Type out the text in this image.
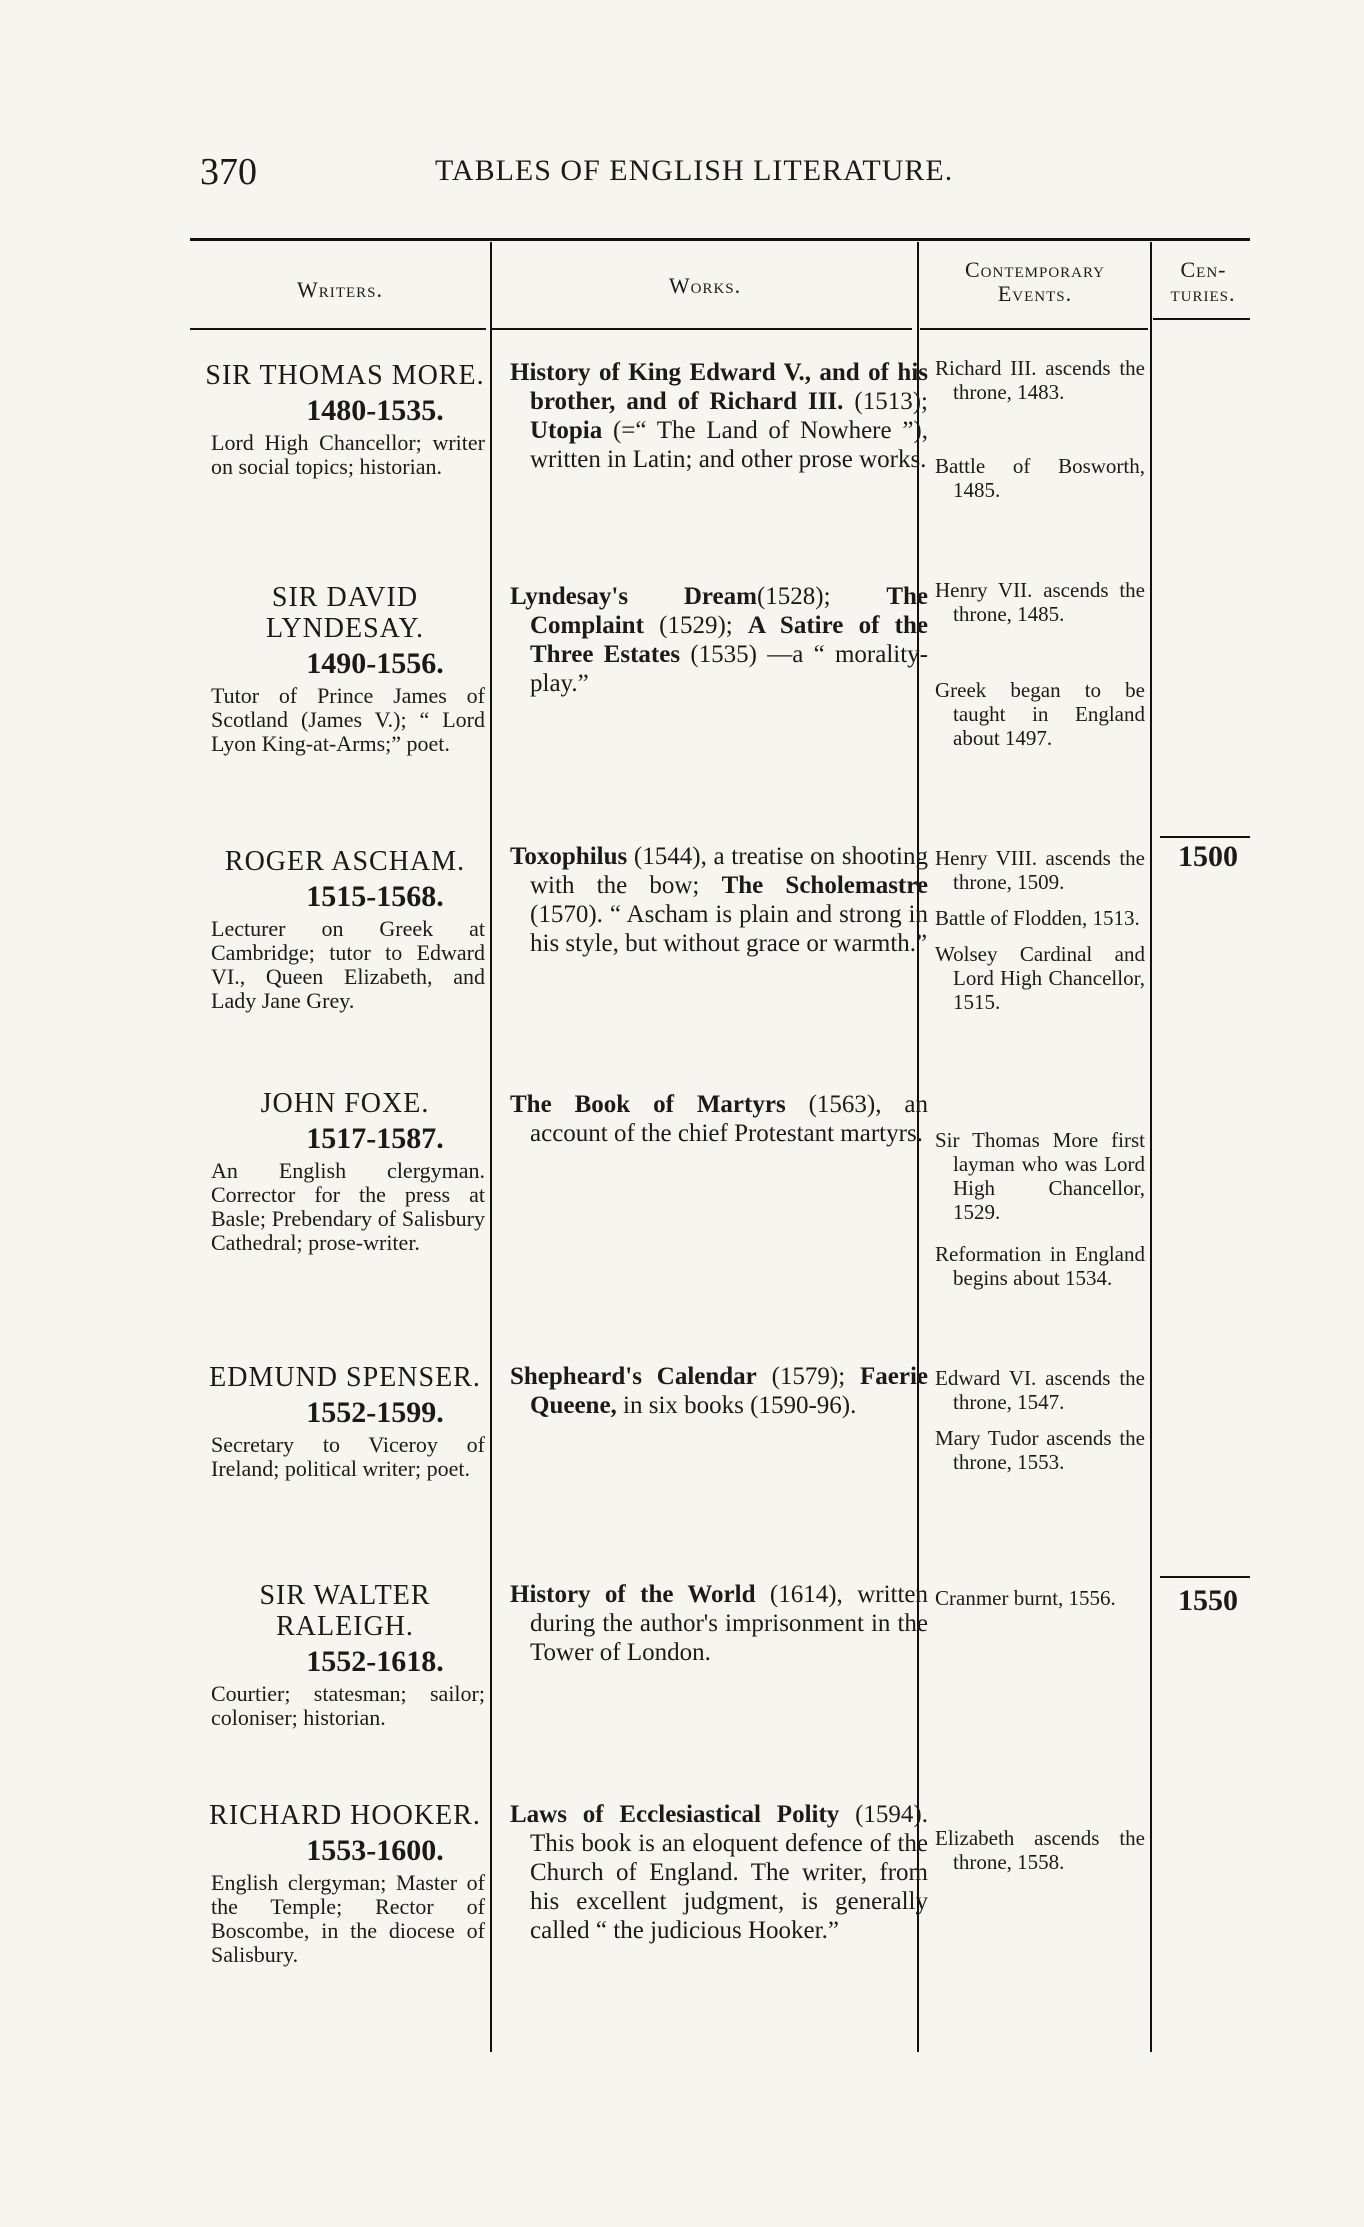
370	TABLES OF ENGLISH LITERATURE.
Writers.	Works.
Contemporary Events.
Centuries.
SIR THOMAS MORE.
1480-1535.
Lord High Chancellor; writer on social topics; historian.
History of King Edward V., and of his brother, and of Richard III. (1513); Utopia (=“ The Land of Nowhere ”), written in Latin; and other prose works.
Richard III. ascends the throne, 1483.
Battle of Bosworth, 1485.
SIR DAVID LYNDESAY.
1490-1556.
Tutor of Prince James of Scotland (James V.); “ Lord Lyon King-at-Arms;” poet.
Lyndesay's Dream(1528); The Complaint (1529); A Satire of the Three Estates (1535) —a “ morality-play.”
Henry VII. ascends the throne, 1485.
Greek began to be taught in England about 1497.
ROGER ASCHAM.
1515-1568.
Lecturer on Greek at Cambridge; tutor to Edward VI., Queen Elizabeth, and Lady Jane Grey.
Toxophilus (1544), a treatise on shooting with the bow; The Scholemastre (1570). “ Ascham is plain and strong in his style, but without grace or warmth.”
Henry VIII. ascends the throne, 1509.
Battle of Flodden, 1513.
Wolsey Cardinal and Lord High Chancellor, 1515.
JOHN FOXE.
1517-1587.
An English clergyman. Corrector for the press at Basle; Prebendary of Salisbury Cathedral; prose-writer.
The Book of Martyrs (1563), an account of the chief Protestant martyrs. Sir Thomas More first layman who was Lord High Chancellor, 1529.
Reformation in England begins about 1534.
EDMUND SPENSER.
1552-1599.
Secretary to Viceroy of Ireland; political writer; poet.
Shepheard's Calendar (1579); Faerie Queene, in six books (1590-96).
Edward VI. ascends the throne, 1547.
Mary Tudor ascends the throne, 1553.
SIR WALTER RALEIGH.
1552-1618.
Courtier; statesman; sailor; coloniser; historian.
History of the World (1614), written during the author's imprisonment in the Tower of London.
Cranmer burnt, 1556.
RICHARD HOOKER.
1553-1600.
English clergyman; Master of the Temple; Rector of Boscombe, in the diocese of Salisbury.
Laws of Ecclesiastical Polity (1594). This book is an eloquent defence of the Church of England. The writer, from his excellent judgment, is generally called “ the judicious Hooker.”
Elizabeth ascends the throne, 1558.
1500
1550
